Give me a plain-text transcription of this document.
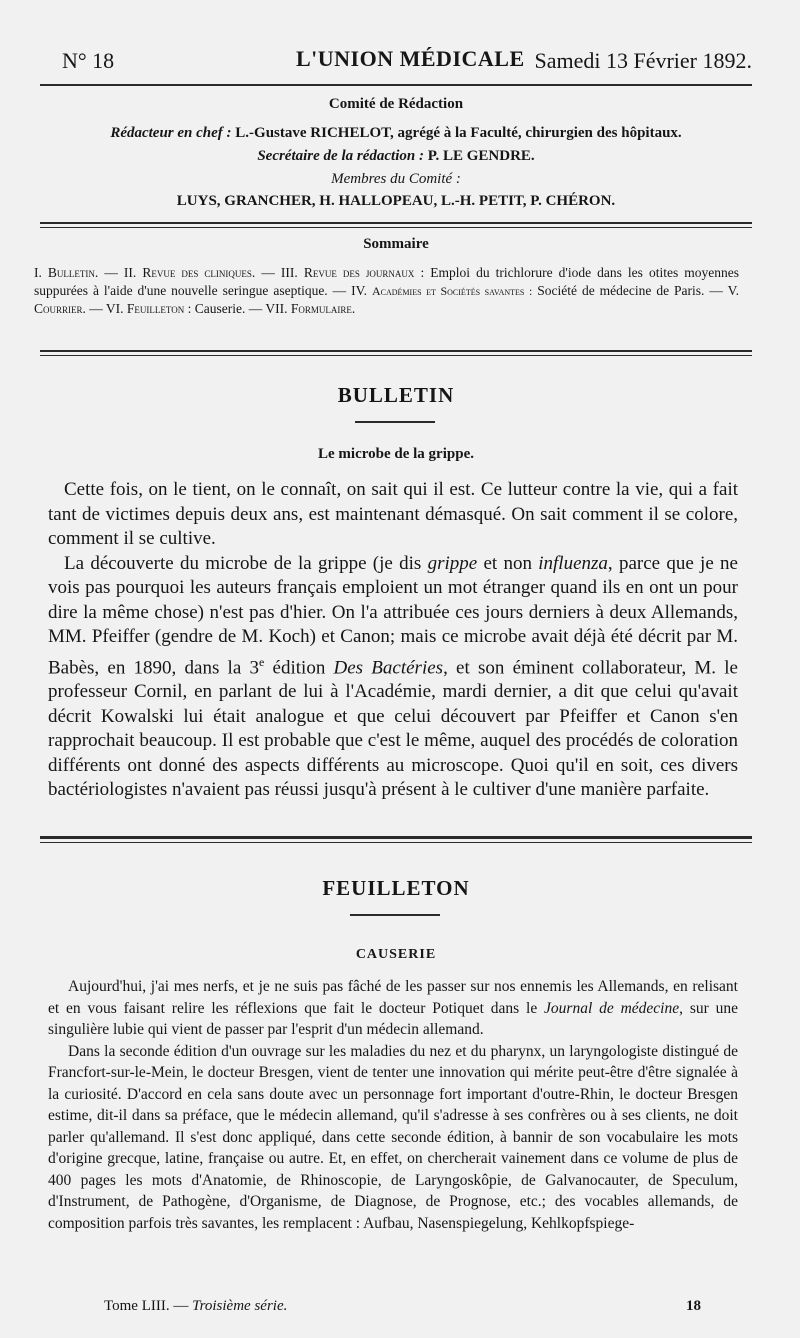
N° 18	L'UNION MÉDICALE Samedi 13 Février 1892.
Comité de Rédaction
Rédacteur en chef : L.-Gustave RICHELOT, agrégé à la Faculté, chirurgien des hôpitaux.
Secrétaire de la rédaction : P. LE GENDRE.
Membres du Comité :
LUYS, GRANCHER, H. HALLOPEAU, L.-H. PETIT, P. CHÉRON.
Sommaire
I. Bulletin. — II. Revue des cliniques. — III. Revue des journaux : Emploi du trichlorure d'iode dans les otites moyennes suppurées à l'aide d'une nouvelle seringue aseptique. — IV. Académies et Sociétés savantes : Société de médecine de Paris. — V. Courrier. — VI. Feuilleton : Causerie. — VII. Formulaire.
BULLETIN
Le microbe de la grippe.

Cette fois, on le tient, on le connaît, on sait qui il est. Ce lutteur contre la vie, qui a fait tant de victimes depuis deux ans, est maintenant démasqué. On sait comment il se colore, comment il se cultive.

La découverte du microbe de la grippe (je dis grippe et non influenza, parce que je ne vois pas pourquoi les auteurs français emploient un mot étranger quand ils en ont un pour dire la même chose) n'est pas d'hier. On l'a attribuée ces jours derniers à deux Allemands, MM. Pfeiffer (gendre de M. Koch) et Canon; mais ce microbe avait déjà été décrit par M. Babès, en 1890, dans la 3e édition Des Bactéries, et son éminent collaborateur, M. le professeur Cornil, en parlant de lui à l'Académie, mardi dernier, a dit que celui qu'avait décrit Kowalski lui était analogue et que celui découvert par Pfeiffer et Canon s'en rapprochait beaucoup. Il est probable que c'est le même, auquel des procédés de coloration différents ont donné des aspects différents au microscope. Quoi qu'il en soit, ces divers bactériologistes n'avaient pas réussi jusqu'à présent à le cultiver d'une manière parfaite.

FEUILLETON
CAUSERIE

Aujourd'hui, j'ai mes nerfs, et je ne suis pas fâché de les passer sur nos ennemis les Allemands, en relisant et en vous faisant relire les réflexions que fait le docteur Potiquet dans le Journal de médecine, sur une singulière lubie qui vient de passer par l'esprit d'un médecin allemand.

Dans la seconde édition d'un ouvrage sur les maladies du nez et du pharynx, un laryngologiste distingué de Francfort-sur-le-Mein, le docteur Bresgen, vient de tenter une innovation qui mérite peut-être d'être signalée à la curiosité. D'accord en cela sans doute avec un personnage fort important d'outre-Rhin, le docteur Bresgen estime, dit-il dans sa préface, que le médecin allemand, qu'il s'adresse à ses confrères ou à ses clients, ne doit parler qu'allemand. Il s'est donc appliqué, dans cette seconde édition, à bannir de son vocabulaire les mots d'origine grecque, latine, française ou autre. Et, en effet, on chercherait vainement dans ce volume de plus de 400 pages les mots d'Anatomie, de Rhinoscopie, de Laryngoskôpie, de Galvanocauter, de Speculum, d'Instrument, de Pathogène, d'Organisme, de Diagnose, de Prognose, etc.; des vocables allemands, de composition parfois très savantes, les remplacent : Aufbau, Nasenspiegelung, Kehlkopfspiege-

Tome LIII. — Troisième série.	18
